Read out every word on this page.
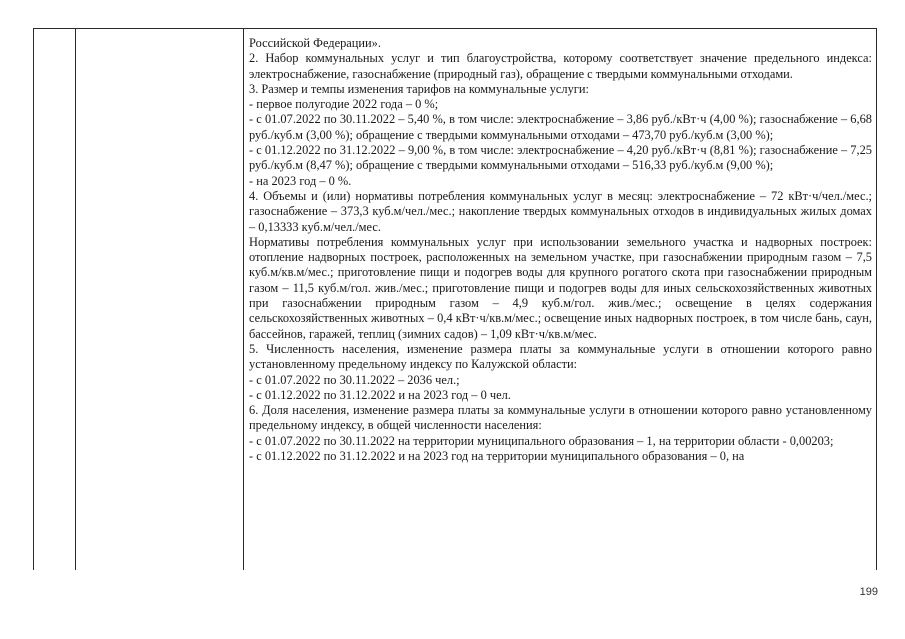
Российской Федерации».

2. Набор коммунальных услуг и тип благоустройства, которому соответствует значение предельного индекса: электроснабжение, газоснабжение (природный газ), обращение с твердыми коммунальными отходами.

3. Размер и темпы изменения тарифов на коммунальные услуги:

- первое полугодие 2022 года – 0 %;

- с 01.07.2022 по 30.11.2022 – 5,40 %, в том числе: электроснабжение – 3,86 руб./кВт·ч (4,00 %); газоснабжение – 6,68 руб./куб.м (3,00 %); обращение с твердыми коммунальными отходами – 473,70 руб./куб.м (3,00 %);

- с 01.12.2022 по 31.12.2022 – 9,00 %, в том числе: электроснабжение – 4,20 руб./кВт·ч (8,81 %); газоснабжение – 7,25 руб./куб.м (8,47 %); обращение с твердыми коммунальными отходами – 516,33 руб./куб.м (9,00 %);

- на 2023 год – 0 %.

4. Объемы и (или) нормативы потребления коммунальных услуг в месяц: электроснабжение – 72 кВт·ч/чел./мес.; газоснабжение – 373,3 куб.м/чел./мес.; накопление твердых коммунальных отходов в индивидуальных жилых домах – 0,13333 куб.м/чел./мес.

Нормативы потребления коммунальных услуг при использовании земельного участка и надворных построек: отопление надворных построек, расположенных на земельном участке, при газоснабжении природным газом – 7,5 куб.м/кв.м/мес.; приготовление пищи и подогрев воды для крупного рогатого скота при газоснабжении природным газом – 11,5 куб.м/гол. жив./мес.; приготовление пищи и подогрев воды для иных сельскохозяйственных животных при газоснабжении природным газом – 4,9 куб.м/гол. жив./мес.; освещение в целях содержания сельскохозяйственных животных – 0,4 кВт·ч/кв.м/мес.; освещение иных надворных построек, в том числе бань, саун, бассейнов, гаражей, теплиц (зимних садов) – 1,09 кВт·ч/кв.м/мес.

5. Численность населения, изменение размера платы за коммунальные услуги в отношении которого равно установленному предельному индексу по Калужской области:

- с 01.07.2022 по 30.11.2022 – 2036 чел.;

- с 01.12.2022 по 31.12.2022 и на 2023 год – 0 чел.

6. Доля населения, изменение размера платы за коммунальные услуги в отношении которого равно установленному предельному индексу, в общей численности населения:

- с 01.07.2022 по 30.11.2022 на территории муниципального образования – 1, на территории области - 0,00203;

- с 01.12.2022 по 31.12.2022 и на 2023 год на территории муниципального образования – 0, на

199
